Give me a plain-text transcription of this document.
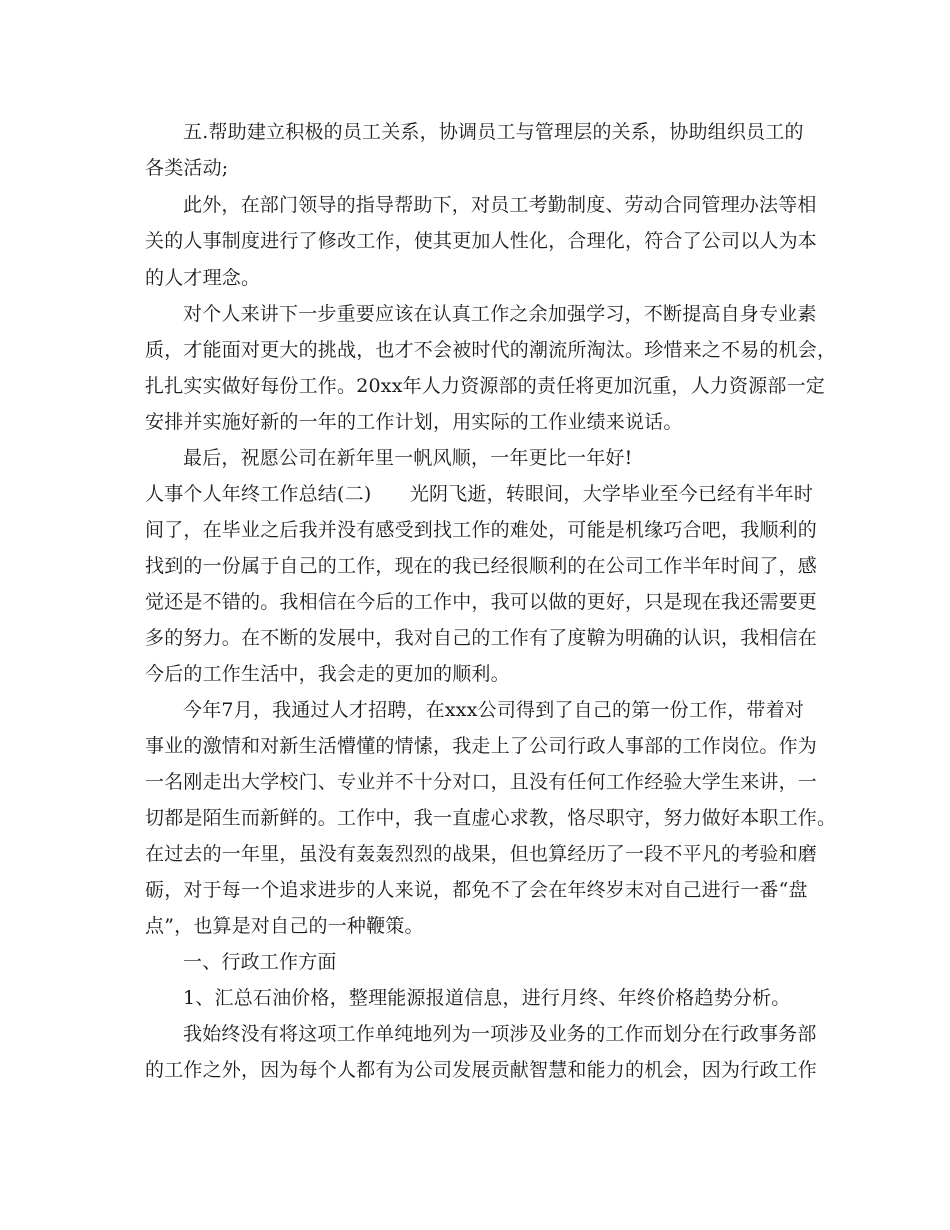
五.帮助建立积极的员工关系，协调员工与管理层的关系，协助组织员工的
各类活动;
此外，在部门领导的指导帮助下，对员工考勤制度、劳动合同管理办法等相
关的人事制度进行了修改工作，使其更加人性化，合理化，符合了公司以人为本
的人才理念。
对个人来讲下一步重要应该在认真工作之余加强学习，不断提高自身专业素
质，才能面对更大的挑战，也才不会被时代的潮流所淘汰。珍惜来之不易的机会，
扎扎实实做好每份工作。20xx年人力资源部的责任将更加沉重，人力资源部一定
安排并实施好新的一年的工作计划，用实际的工作业绩来说话。
最后，祝愿公司在新年里一帆风顺，一年更比一年好!
人事个人年终工作总结(二)　　光阴飞逝，转眼间，大学毕业至今已经有半年时
间了，在毕业之后我并没有感受到找工作的难处，可能是机缘巧合吧，我顺利的
找到的一份属于自己的工作，现在的我已经很顺利的在公司工作半年时间了，感
觉还是不错的。我相信在今后的工作中，我可以做的更好，只是现在我还需要更
多的努力。在不断的发展中，我对自己的工作有了度鞥为明确的认识，我相信在
今后的工作生活中，我会走的更加的顺利。
今年7月，我通过人才招聘，在xxx公司得到了自己的第一份工作，带着对
事业的激情和对新生活懵懂的情愫，我走上了公司行政人事部的工作岗位。作为
一名刚走出大学校门、专业并不十分对口，且没有任何工作经验大学生来讲，一
切都是陌生而新鲜的。工作中，我一直虚心求教，恪尽职守，努力做好本职工作。
在过去的一年里，虽没有轰轰烈烈的战果，但也算经历了一段不平凡的考验和磨
砺，对于每一个追求进步的人来说，都免不了会在年终岁末对自己进行一番“盘
点”，也算是对自己的一种鞭策。
一、行政工作方面
1、汇总石油价格，整理能源报道信息，进行月终、年终价格趋势分析。
我始终没有将这项工作单纯地列为一项涉及业务的工作而划分在行政事务部
的工作之外，因为每个人都有为公司发展贡献智慧和能力的机会，因为行政工作
